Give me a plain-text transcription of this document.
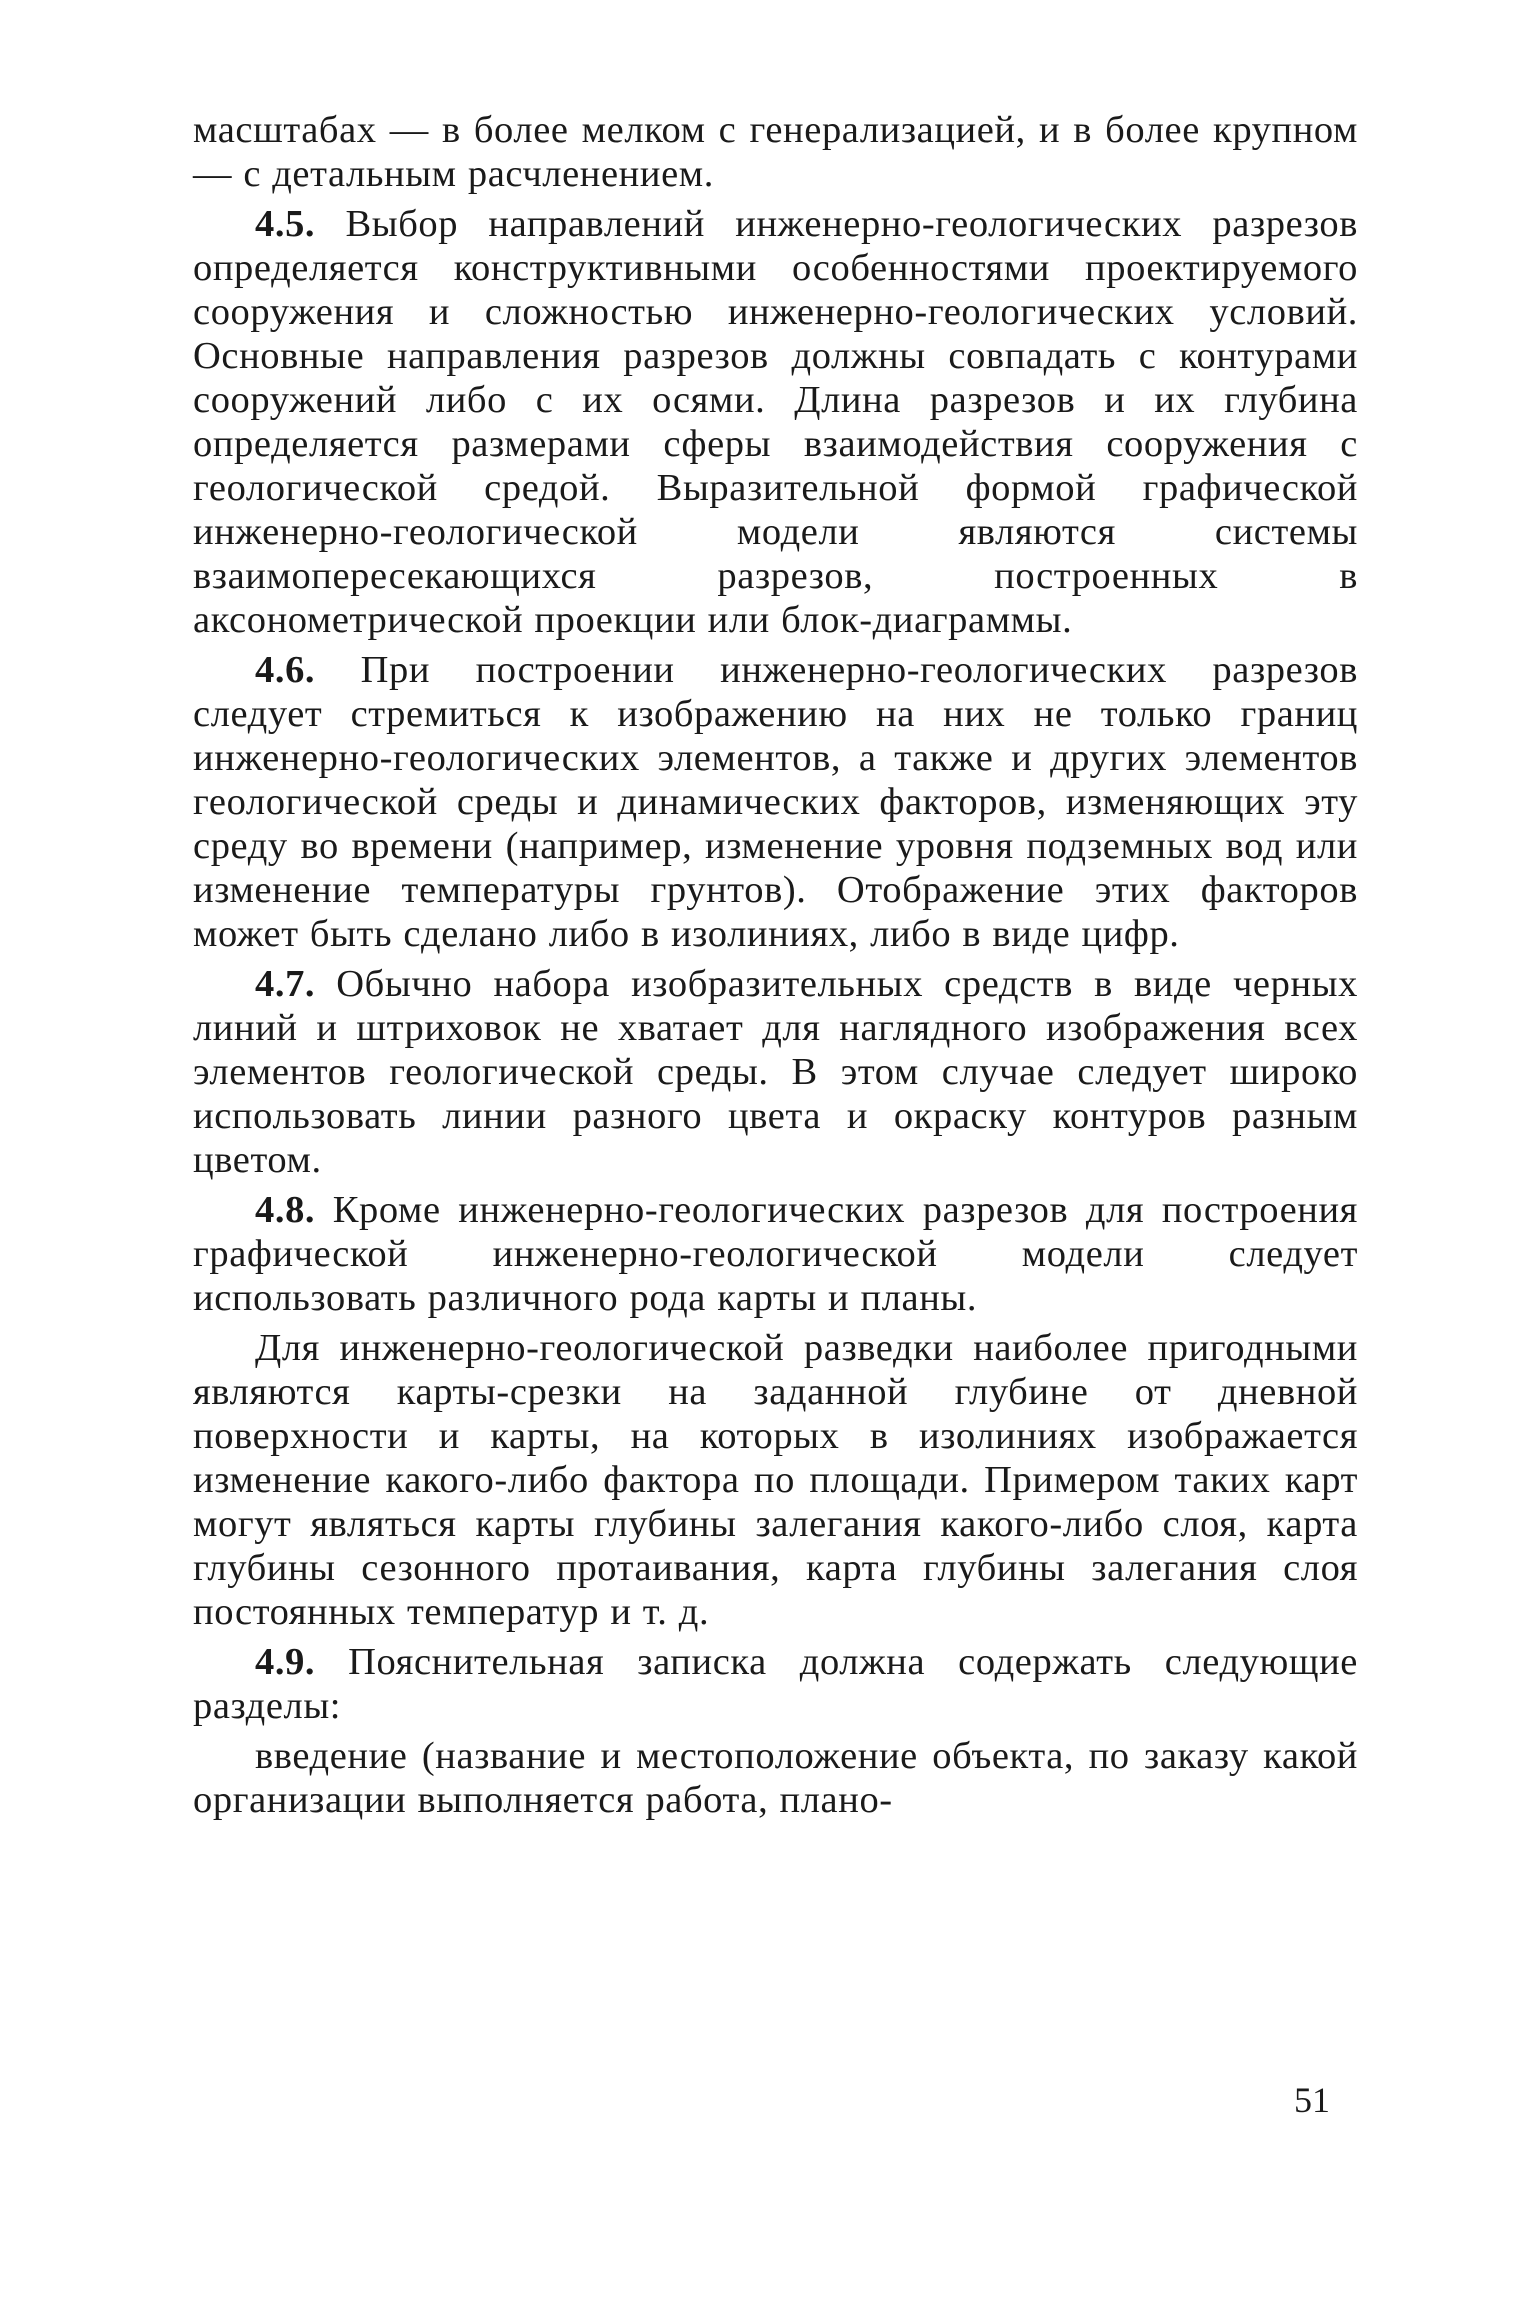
масштабах — в более мелком с генерализацией, и в более крупном — с детальным расчленением.

4.5. Выбор направлений инженерно-геологических разрезов определяется конструктивными особенностями проектируемого сооружения и сложностью инженерно-геологических условий. Основные направления разрезов должны совпадать с контурами сооружений либо с их осями. Длина разрезов и их глубина определяется размерами сферы взаимодействия сооружения с геологической средой. Выразительной формой графической инженерно-геологической модели являются системы взаимопересекающихся разрезов, построенных в аксонометрической проекции или блок-диаграммы.

4.6. При построении инженерно-геологических разрезов следует стремиться к изображению на них не только границ инженерно-геологических элементов, а также и других элементов геологической среды и динамических факторов, изменяющих эту среду во времени (например, изменение уровня подземных вод или изменение температуры грунтов). Отображение этих факторов может быть сделано либо в изолиниях, либо в виде цифр.

4.7. Обычно набора изобразительных средств в виде черных линий и штриховок не хватает для наглядного изображения всех элементов геологической среды. В этом случае следует широко использовать линии разного цвета и окраску контуров разным цветом.

4.8. Кроме инженерно-геологических разрезов для построения графической инженерно-геологической модели следует использовать различного рода карты и планы.

Для инженерно-геологической разведки наиболее пригодными являются карты-срезки на заданной глубине от дневной поверхности и карты, на которых в изолиниях изображается изменение какого-либо фактора по площади. Примером таких карт могут являться карты глубины залегания какого-либо слоя, карта глубины сезонного протаивания, карта глубины залегания слоя постоянных температур и т. д.

4.9. Пояснительная записка должна содержать следующие разделы:

введение (название и местоположение объекта, по заказу какой организации выполняется работа, плано-

51
